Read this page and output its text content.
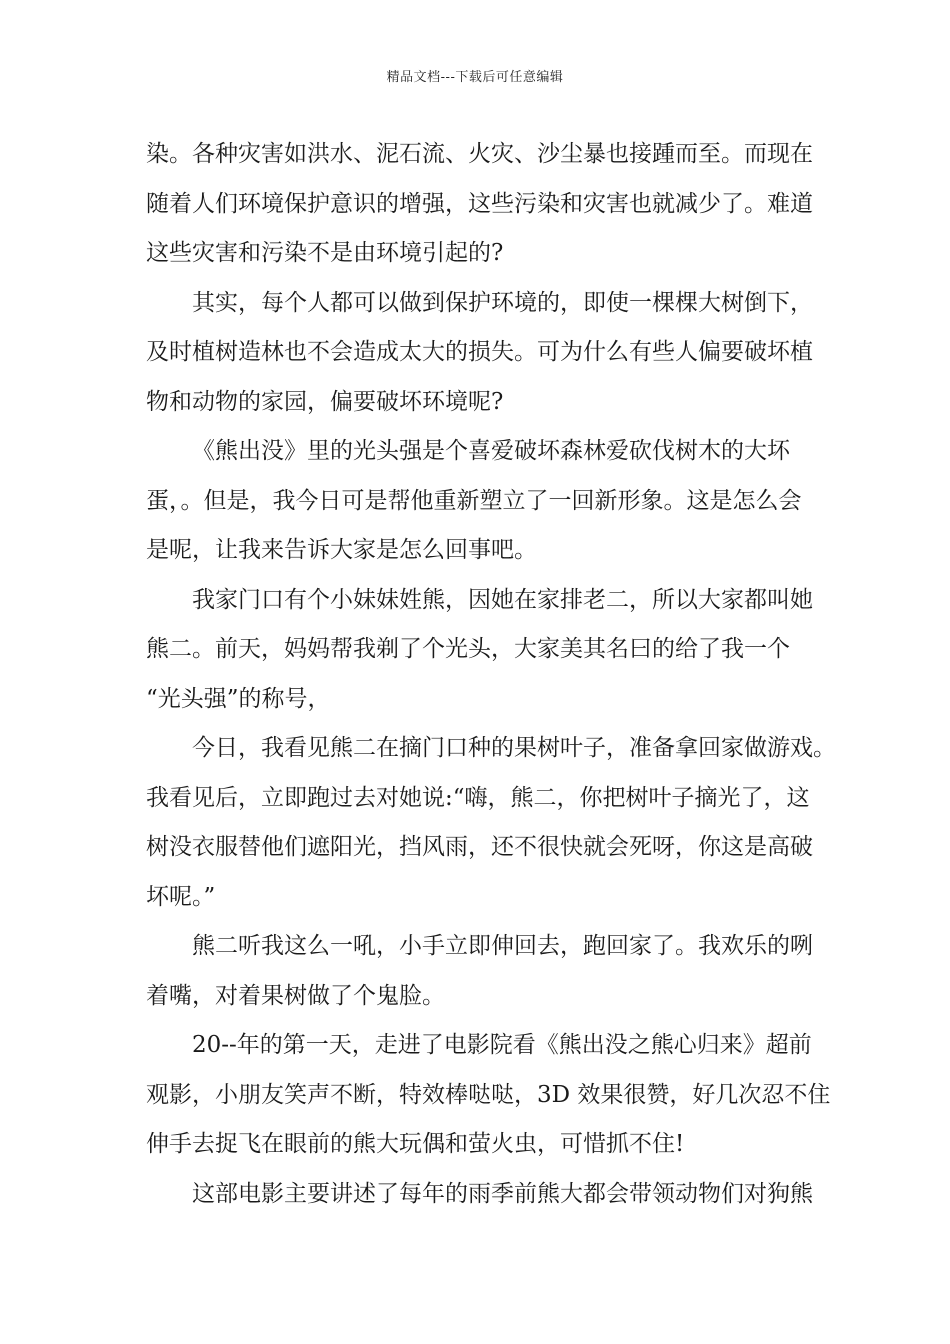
精品文档---下载后可任意编辑
染。各种灾害如洪水、泥石流、火灾、沙尘暴也接踵而至。而现在
随着人们环境保护意识的增强，这些污染和灾害也就减少了。难道
这些灾害和污染不是由环境引起的?
其实，每个人都可以做到保护环境的，即使一棵棵大树倒下，
及时植树造林也不会造成太大的损失。可为什么有些人偏要破坏植
物和动物的家园，偏要破坏环境呢?
《熊出没》里的光头强是个喜爱破坏森林爱砍伐树木的大坏
蛋，。但是，我今日可是帮他重新塑立了一回新形象。这是怎么会
是呢，让我来告诉大家是怎么回事吧。
我家门口有个小妹妹姓熊，因她在家排老二，所以大家都叫她
熊二。前天，妈妈帮我剃了个光头，大家美其名曰的给了我一个
“光头强”的称号，
今日，我看见熊二在摘门口种的果树叶子，准备拿回家做游戏。
我看见后，立即跑过去对她说:“嗨，熊二，你把树叶子摘光了，这
树没衣服替他们遮阳光，挡风雨，还不很快就会死呀，你这是高破
坏呢。”
熊二听我这么一吼，小手立即伸回去，跑回家了。我欢乐的咧
着嘴，对着果树做了个鬼脸。
20--年的第一天，走进了电影院看《熊出没之熊心归来》超前
观影，小朋友笑声不断，特效棒哒哒，3D 效果很赞，好几次忍不住
伸手去捉飞在眼前的熊大玩偶和萤火虫，可惜抓不住!
这部电影主要讲述了每年的雨季前熊大都会带领动物们对狗熊
